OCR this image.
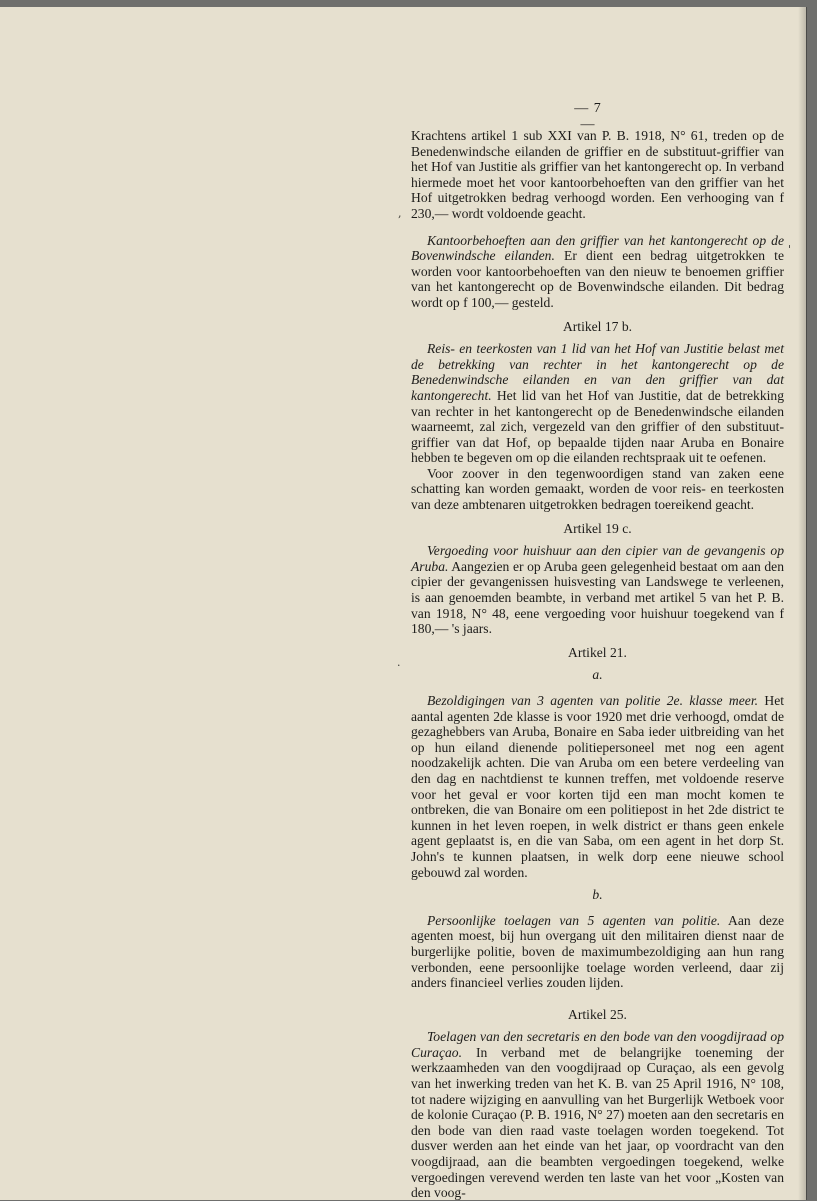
— 7 —

Krachtens artikel 1 sub XXI van P. B. 1918, N° 61, treden op de Benedenwindsche eilanden de griffier en de substituut-griffier van het Hof van Justitie als griffier van het kantongerecht op. In verband hiermede moet het voor kantoorbehoeften van den griffier van het Hof uitgetrokken bedrag verhoogd worden. Een verhooging van f 230,— wordt voldoende geacht.

Kantoorbehoeften aan den griffier van het kantongerecht op de Bovenwindsche eilanden. Er dient een bedrag uitgetrokken te worden voor kantoorbehoeften van den nieuw te benoemen griffier van het kantongerecht op de Bovenwindsche eilanden. Dit bedrag wordt op f 100,— gesteld.

Artikel 17 b.

Reis- en teerkosten van 1 lid van het Hof van Justitie belast met de betrekking van rechter in het kantongerecht op de Benedenwindsche eilanden en van den griffier van dat kantongerecht. Het lid van het Hof van Justitie, dat de betrekking van rechter in het kantongerecht op de Benedenwindsche eilanden waarneemt, zal zich, vergezeld van den griffier of den substituut-griffier van dat Hof, op bepaalde tijden naar Aruba en Bonaire hebben te begeven om op die eilanden rechtspraak uit te oefenen.

Voor zoover in den tegenwoordigen stand van zaken eene schatting kan worden gemaakt, worden de voor reis- en teerkosten van deze ambtenaren uitgetrokken bedragen toereikend geacht.

Artikel 19 c.

Vergoeding voor huishuur aan den cipier van de gevangenis op Aruba. Aangezien er op Aruba geen gelegenheid bestaat om aan den cipier der gevangenissen huisvesting van Landswege te verleenen, is aan genoemden beambte, in verband met artikel 5 van het P. B. van 1918, N° 48, eene vergoeding voor huishuur toegekend van f 180,— 's jaars.

Artikel 21.

a.

Bezoldigingen van 3 agenten van politie 2e. klasse meer. Het aantal agenten 2de klasse is voor 1920 met drie verhoogd, omdat de gezaghebbers van Aruba, Bonaire en Saba ieder uitbreiding van het op hun eiland dienende politiepersoneel met nog een agent noodzakelijk achten. Die van Aruba om een betere verdeeling van den dag en nachtdienst te kunnen treffen, met voldoende reserve voor het geval er voor korten tijd een man mocht komen te ontbreken, die van Bonaire om een politiepost in het 2de district te kunnen in het leven roepen, in welk district er thans geen enkele agent geplaatst is, en die van Saba, om een agent in het dorp St. John's te kunnen plaatsen, in welk dorp eene nieuwe school gebouwd zal worden.

b.

Persoonlijke toelagen van 5 agenten van politie. Aan deze agenten moest, bij hun overgang uit den militairen dienst naar de burgerlijke politie, boven de maximumbezoldiging aan hun rang verbonden, eene persoonlijke toelage worden verleend, daar zij anders financieel verlies zouden lijden.

Artikel 25.

Toelagen van den secretaris en den bode van den voogdijraad op Curaçao. In verband met de belangrijke toeneming der werkzaamheden van den voogdijraad op Curaçao, als een gevolg van het inwerking treden van het K. B. van 25 April 1916, N° 108, tot nadere wijziging en aanvulling van het Burgerlijk Wetboek voor de kolonie Curaçao (P. B. 1916, N° 27) moeten aan den secretaris en den bode van dien raad vaste toelagen worden toegekend. Tot dusver werden aan het einde van het jaar, op voordracht van den voogdijraad, aan die beambten vergoedingen toegekend, welke vergoedingen verevend werden ten laste van het voor „Kosten van den voog-

,
'
·
